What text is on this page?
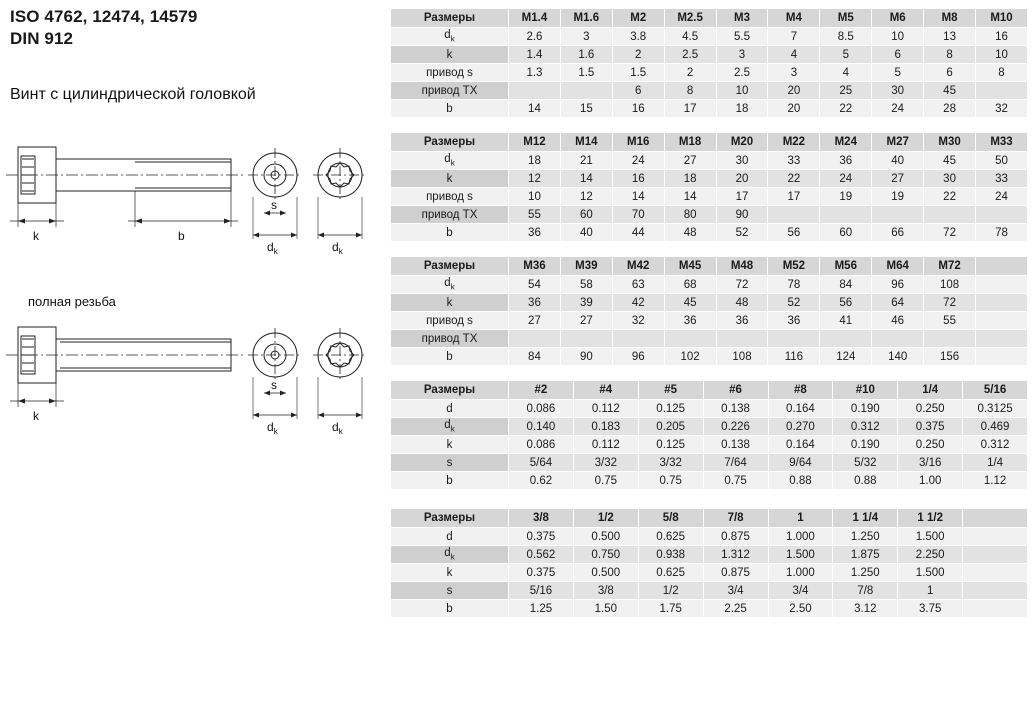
ISO 4762, 12474, 14579
DIN 912
Винт с цилиндрической головкой
k	b
s
$d_k$	$d_k$
полная резьба
k
s
$d_k$	$d_k$
Размеры	M1.4	M1.6	M2	M2.5	M3	M4	M5	M6	M8	M10
$d_k$	2.6	3	3.8	4.5	5.5	7	8.5	10	13	16
k	1.4	1.6	2	2.5	3	4	5	6	8	10
привод s	1.3	1.5	1.5	2	2.5	3	4	5	6	8
привод ТХ			6	8	10	20	25	30	45	
b	14	15	16	17	18	20	22	24	28	32
Размеры	M12	M14	M16	M18	M20	M22	M24	M27	M30	M33
$d_k$	18	21	24	27	30	33	36	40	45	50
k	12	14	16	18	20	22	24	27	30	33
привод s	10	12	14	14	17	17	19	19	22	24
привод ТХ	55	60	70	80	90					
b	36	40	44	48	52	56	60	66	72	78
Размеры	M36	M39	M42	M45	M48	M52	M56	M64	M72	
$d_k$	54	58	63	68	72	78	84	96	108	
k	36	39	42	45	48	52	56	64	72	
привод s	27	27	32	36	36	36	41	46	55	
привод ТХ										
b	84	90	96	102	108	116	124	140	156	
Размеры	#2	#4	#5	#6	#8	#10	1/4	5/16
d	0.086	0.112	0.125	0.138	0.164	0.190	0.250	0.3125
$d_k$	0.140	0.183	0.205	0.226	0.270	0.312	0.375	0.469
k	0.086	0.112	0.125	0.138	0.164	0.190	0.250	0.312
s	5/64	3/32	3/32	7/64	9/64	5/32	3/16	1/4
b	0.62	0.75	0.75	0.75	0.88	0.88	1.00	1.12
Размеры	3/8	1/2	5/8	7/8	1	1 1/4	1 1/2	
d	0.375	0.500	0.625	0.875	1.000	1.250	1.500	
$d_k$	0.562	0.750	0.938	1.312	1.500	1.875	2.250	
k	0.375	0.500	0.625	0.875	1.000	1.250	1.500	
s	5/16	3/8	1/2	3/4	3/4	7/8	1	
b	1.25	1.50	1.75	2.25	2.50	3.12	3.75	
